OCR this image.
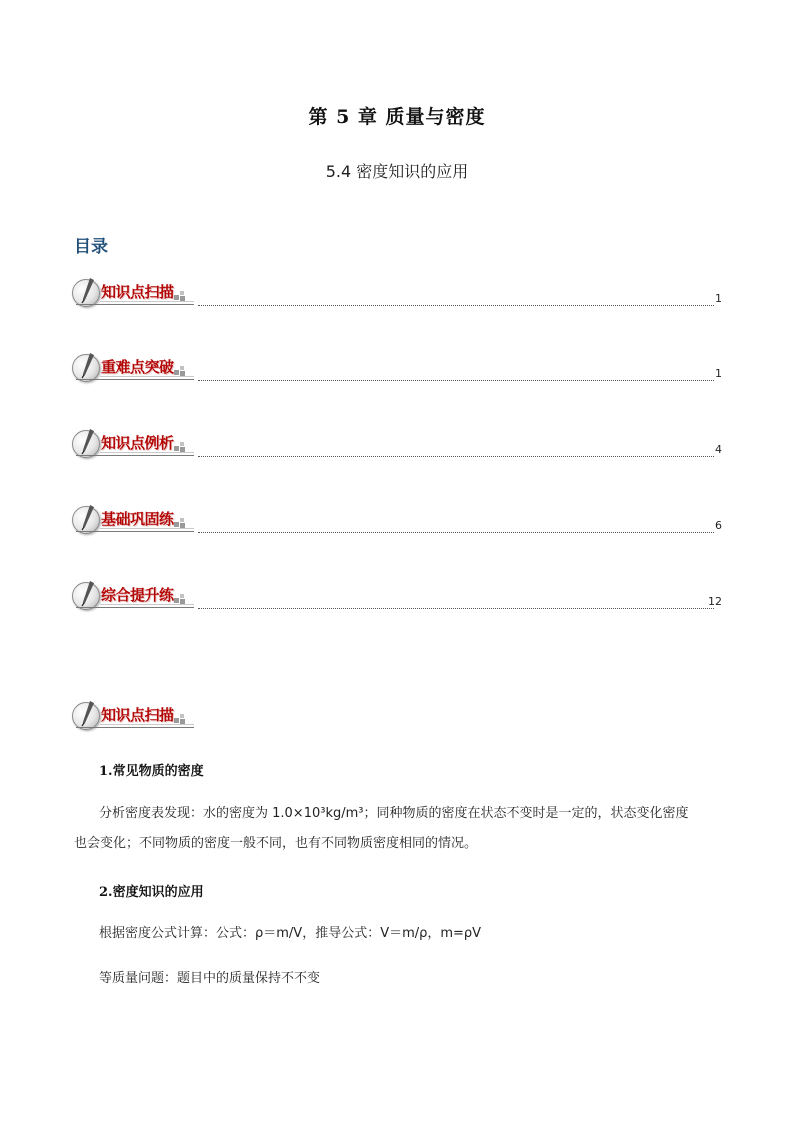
第 5 章 质量与密度
5.4 密度知识的应用
目录
知识点扫描	1
重难点突破	1
知识点例析	4
基础巩固练	6
综合提升练	12
知识点扫描
1.常见物质的密度
分析密度表发现：水的密度为 1.0×10³kg/m³；同种物质的密度在状态不变时是一定的，状态变化密度
也会变化；不同物质的密度一般不同，也有不同物质密度相同的情况。
2.密度知识的应用
根据密度公式计算：公式：ρ＝m/V，推导公式：V＝m/ρ，m=ρV
等质量问题：题目中的质量保持不不变
